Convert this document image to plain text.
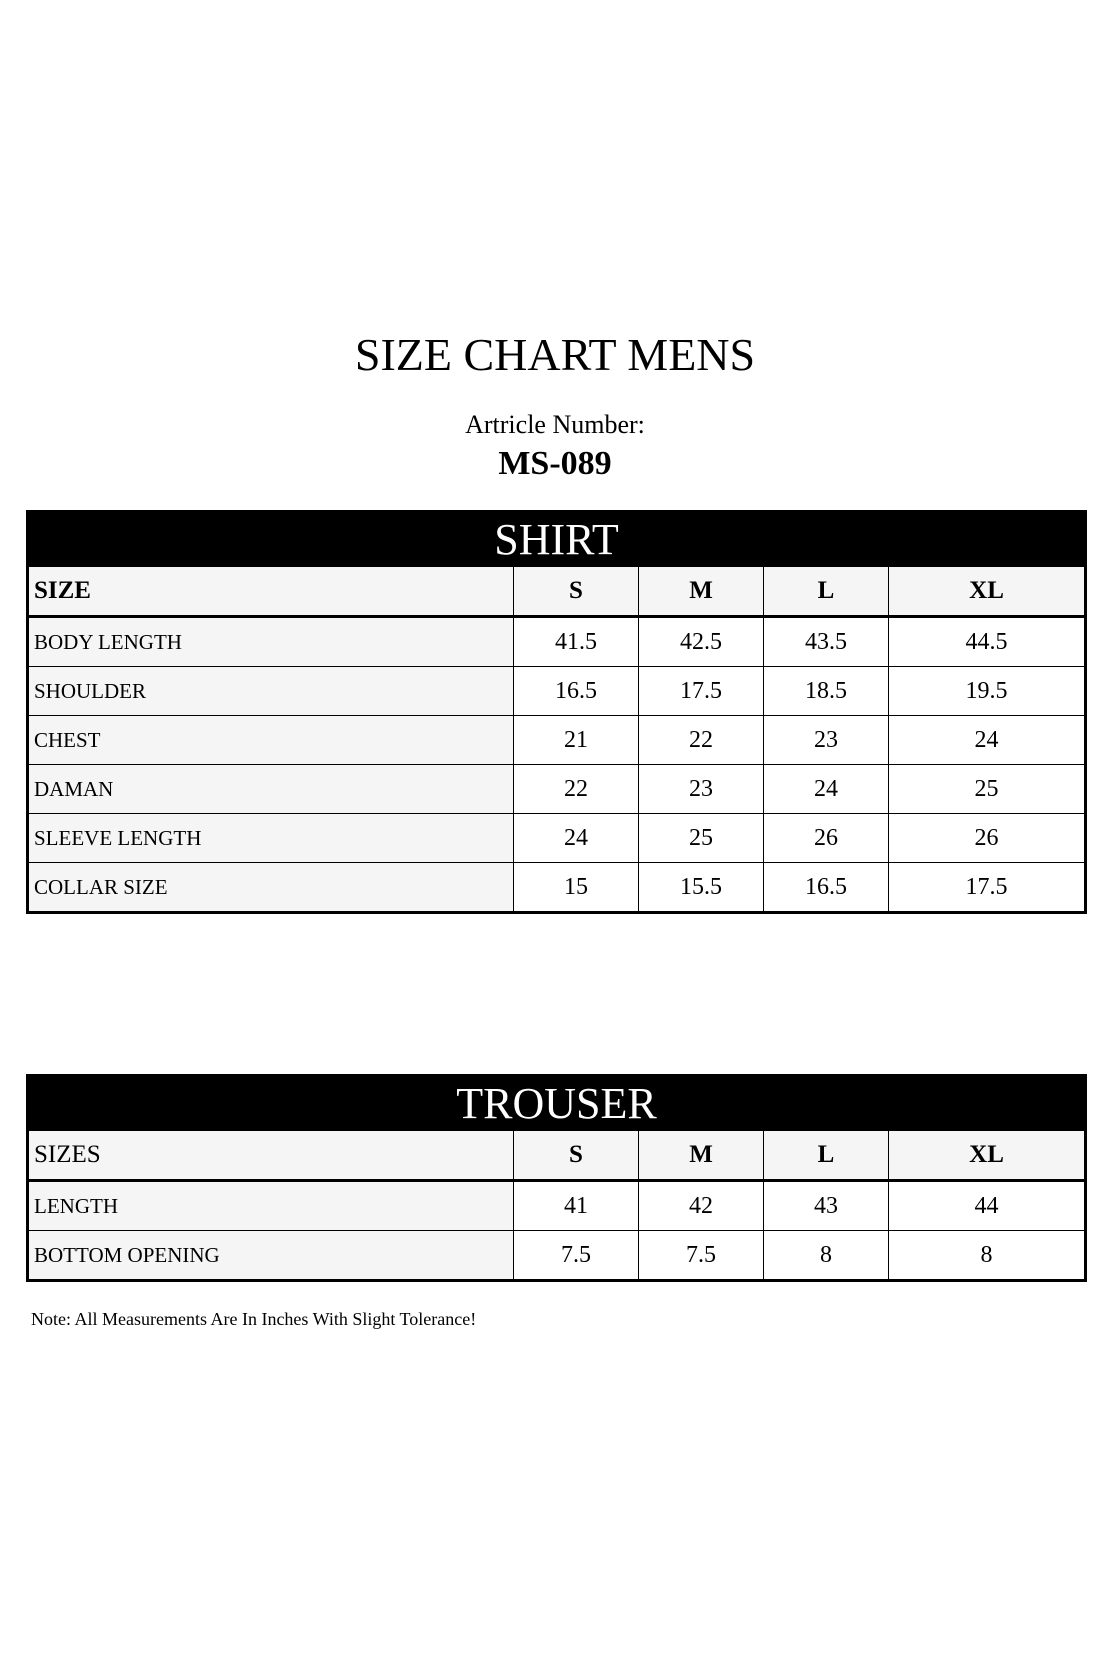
SIZE CHART MENS
Artricle Number:
MS-089
SHIRT				
SIZE	S	M	L	XL
BODY LENGTH	41.5	42.5	43.5	44.5
SHOULDER	16.5	17.5	18.5	19.5
CHEST	21	22	23	24
DAMAN	22	23	24	25
SLEEVE LENGTH	24	25	26	26
COLLAR SIZE	15	15.5	16.5	17.5
TROUSER				
SIZES	S	M	L	XL
LENGTH	41	42	43	44
BOTTOM OPENING	7.5	7.5	8	8
Note: All Measurements Are In Inches With Slight Tolerance!
